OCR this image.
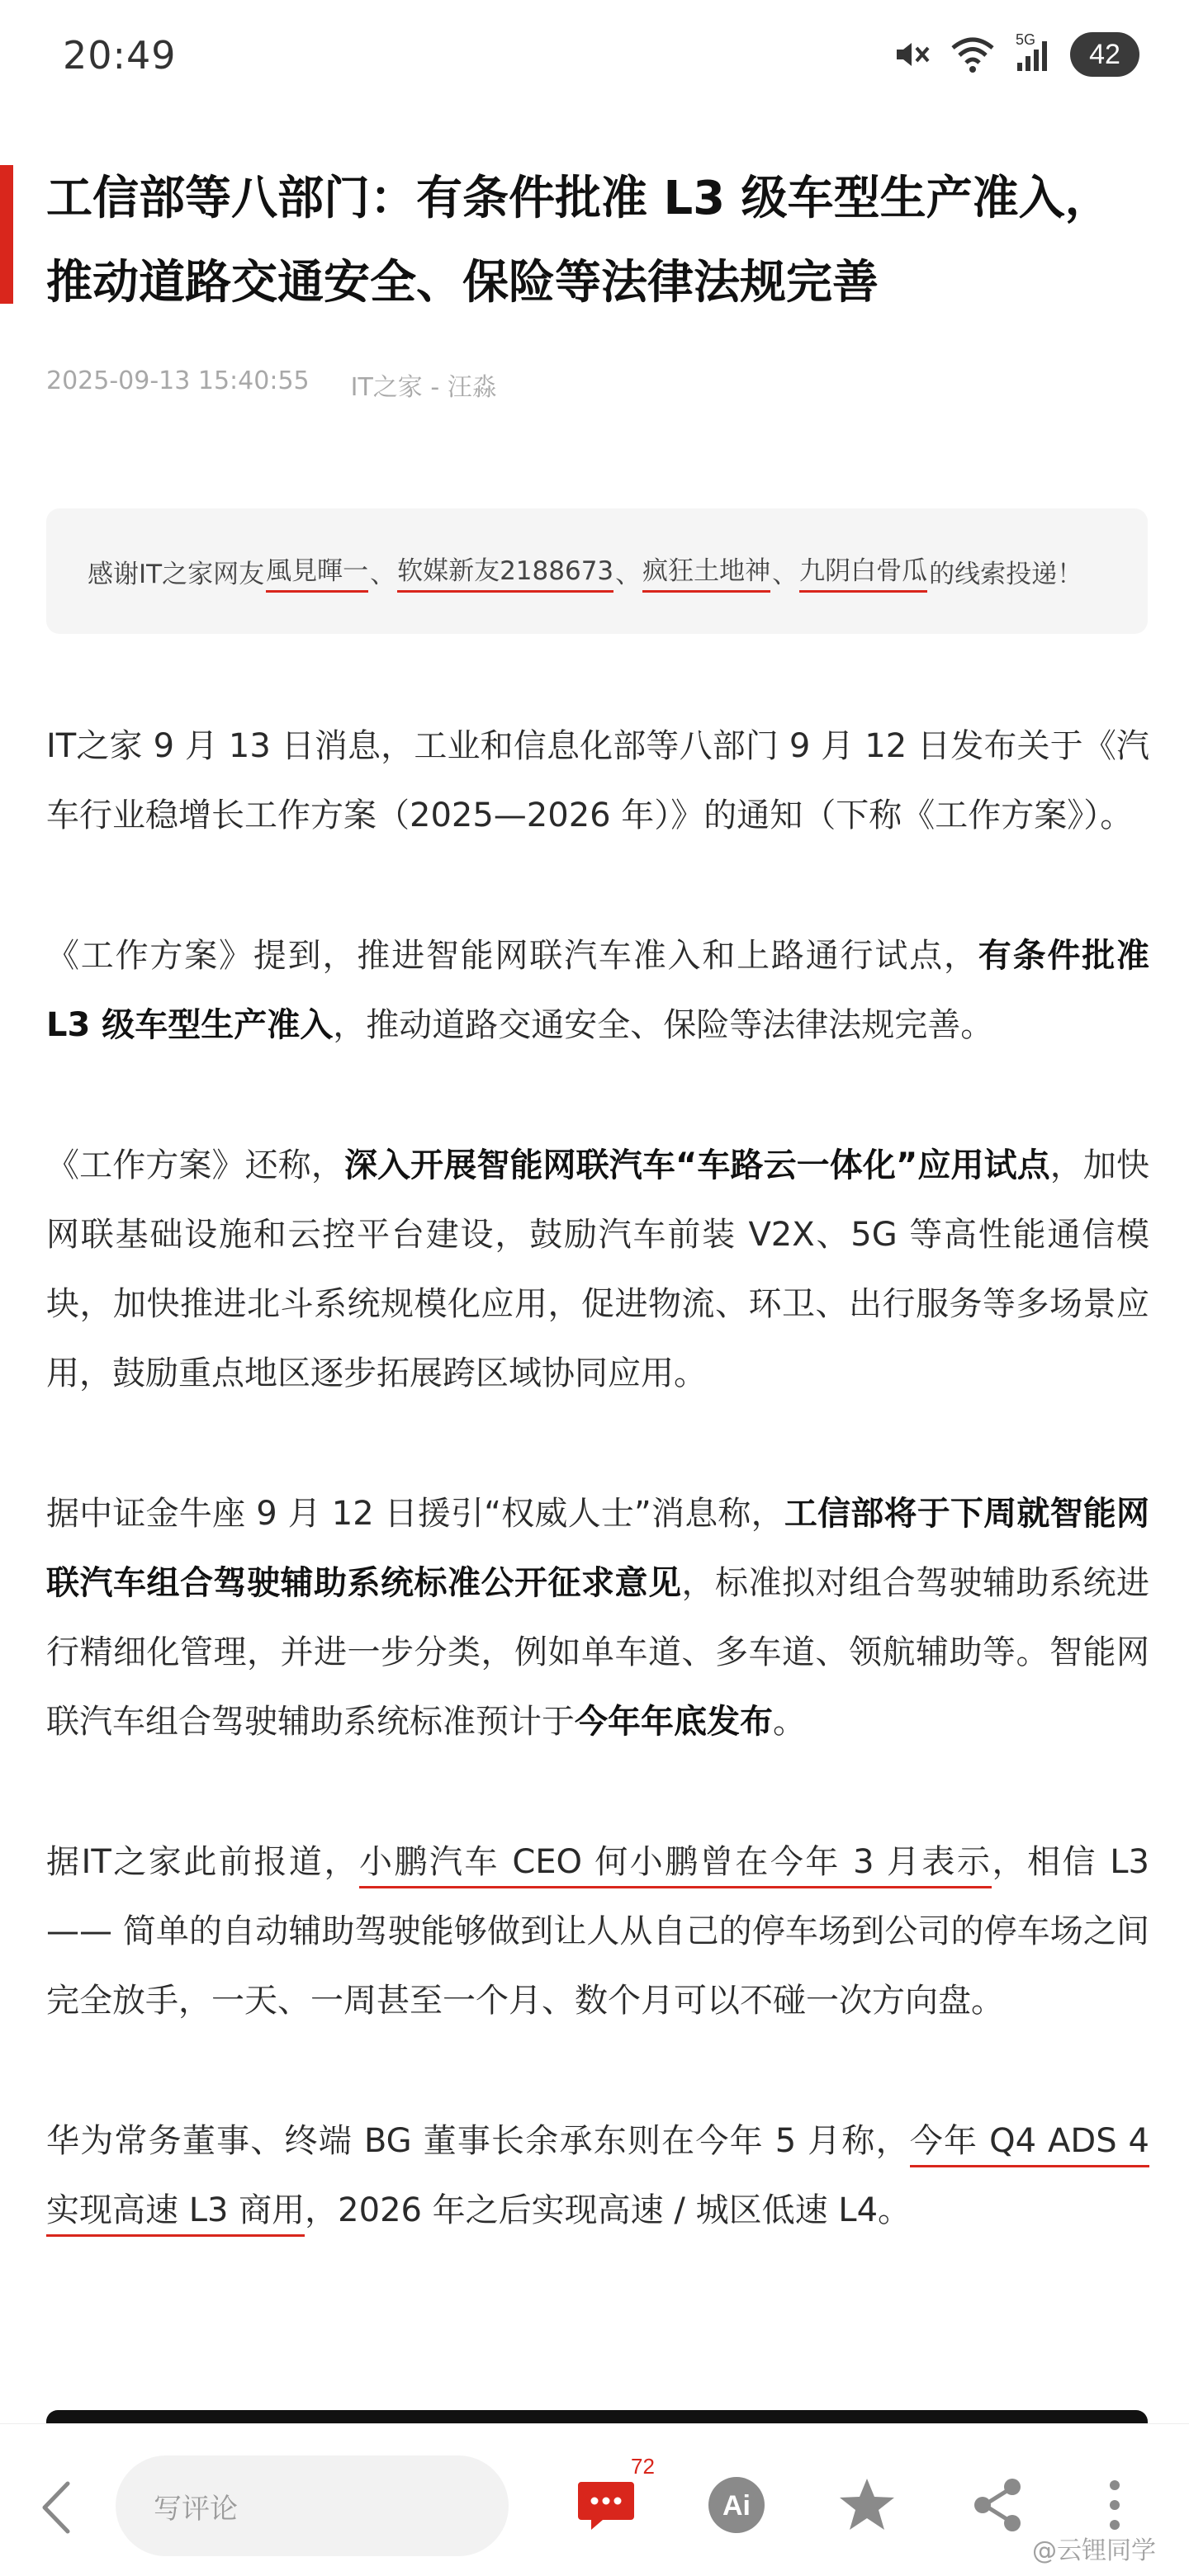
20:49	5G	42
工信部等八部门：有条件批准 L3 级车型生产准入，推动道路交通安全、保险等法律法规完善
2025-09-13 15:40:55 IT之家 - 汪淼
感谢IT之家网友 風見暉一 、 软媒新友2188673 、 疯狂土地神 、 九阴白骨瓜 的线索投递！

IT之家 9 月 13 日消息，工业和信息化部等八部门 9 月 12 日发布关于《汽车行业稳增长工作方案（2025—2026 年）》的通知（下称《工作方案》）。

《工作方案》提到，推进智能网联汽车准入和上路通行试点，有条件批准 L3 级车型生产准入，推动道路交通安全、保险等法律法规完善。

《工作方案》还称，深入开展智能网联汽车“车路云一体化”应用试点，加快网联基础设施和云控平台建设，鼓励汽车前装 V2X、5G 等高性能通信模块，加快推进北斗系统规模化应用，促进物流、环卫、出行服务等多场景应用，鼓励重点地区逐步拓展跨区域协同应用。

据中证金牛座 9 月 12 日援引“权威人士”消息称，工信部将于下周就智能网联汽车组合驾驶辅助系统标准公开征求意见，标准拟对组合驾驶辅助系统进行精细化管理，并进一步分类，例如单车道、多车道、领航辅助等。智能网联汽车组合驾驶辅助系统标准预计于今年年底发布。

据IT之家此前报道，小鹏汽车 CEO 何小鹏曾在今年 3 月表示，相信 L3 —— 简单的自动辅助驾驶能够做到让人从自己的停车场到公司的停车场之间完全放手，一天、一周甚至一个月、数个月可以不碰一次方向盘。

华为常务董事、终端 BG 董事长余承东则在今年 5 月称，今年 Q4 ADS 4 实现高速 L3 商用，2026 年之后实现高速 / 城区低速 L4。

写评论
72
Ai
@云锂同学
